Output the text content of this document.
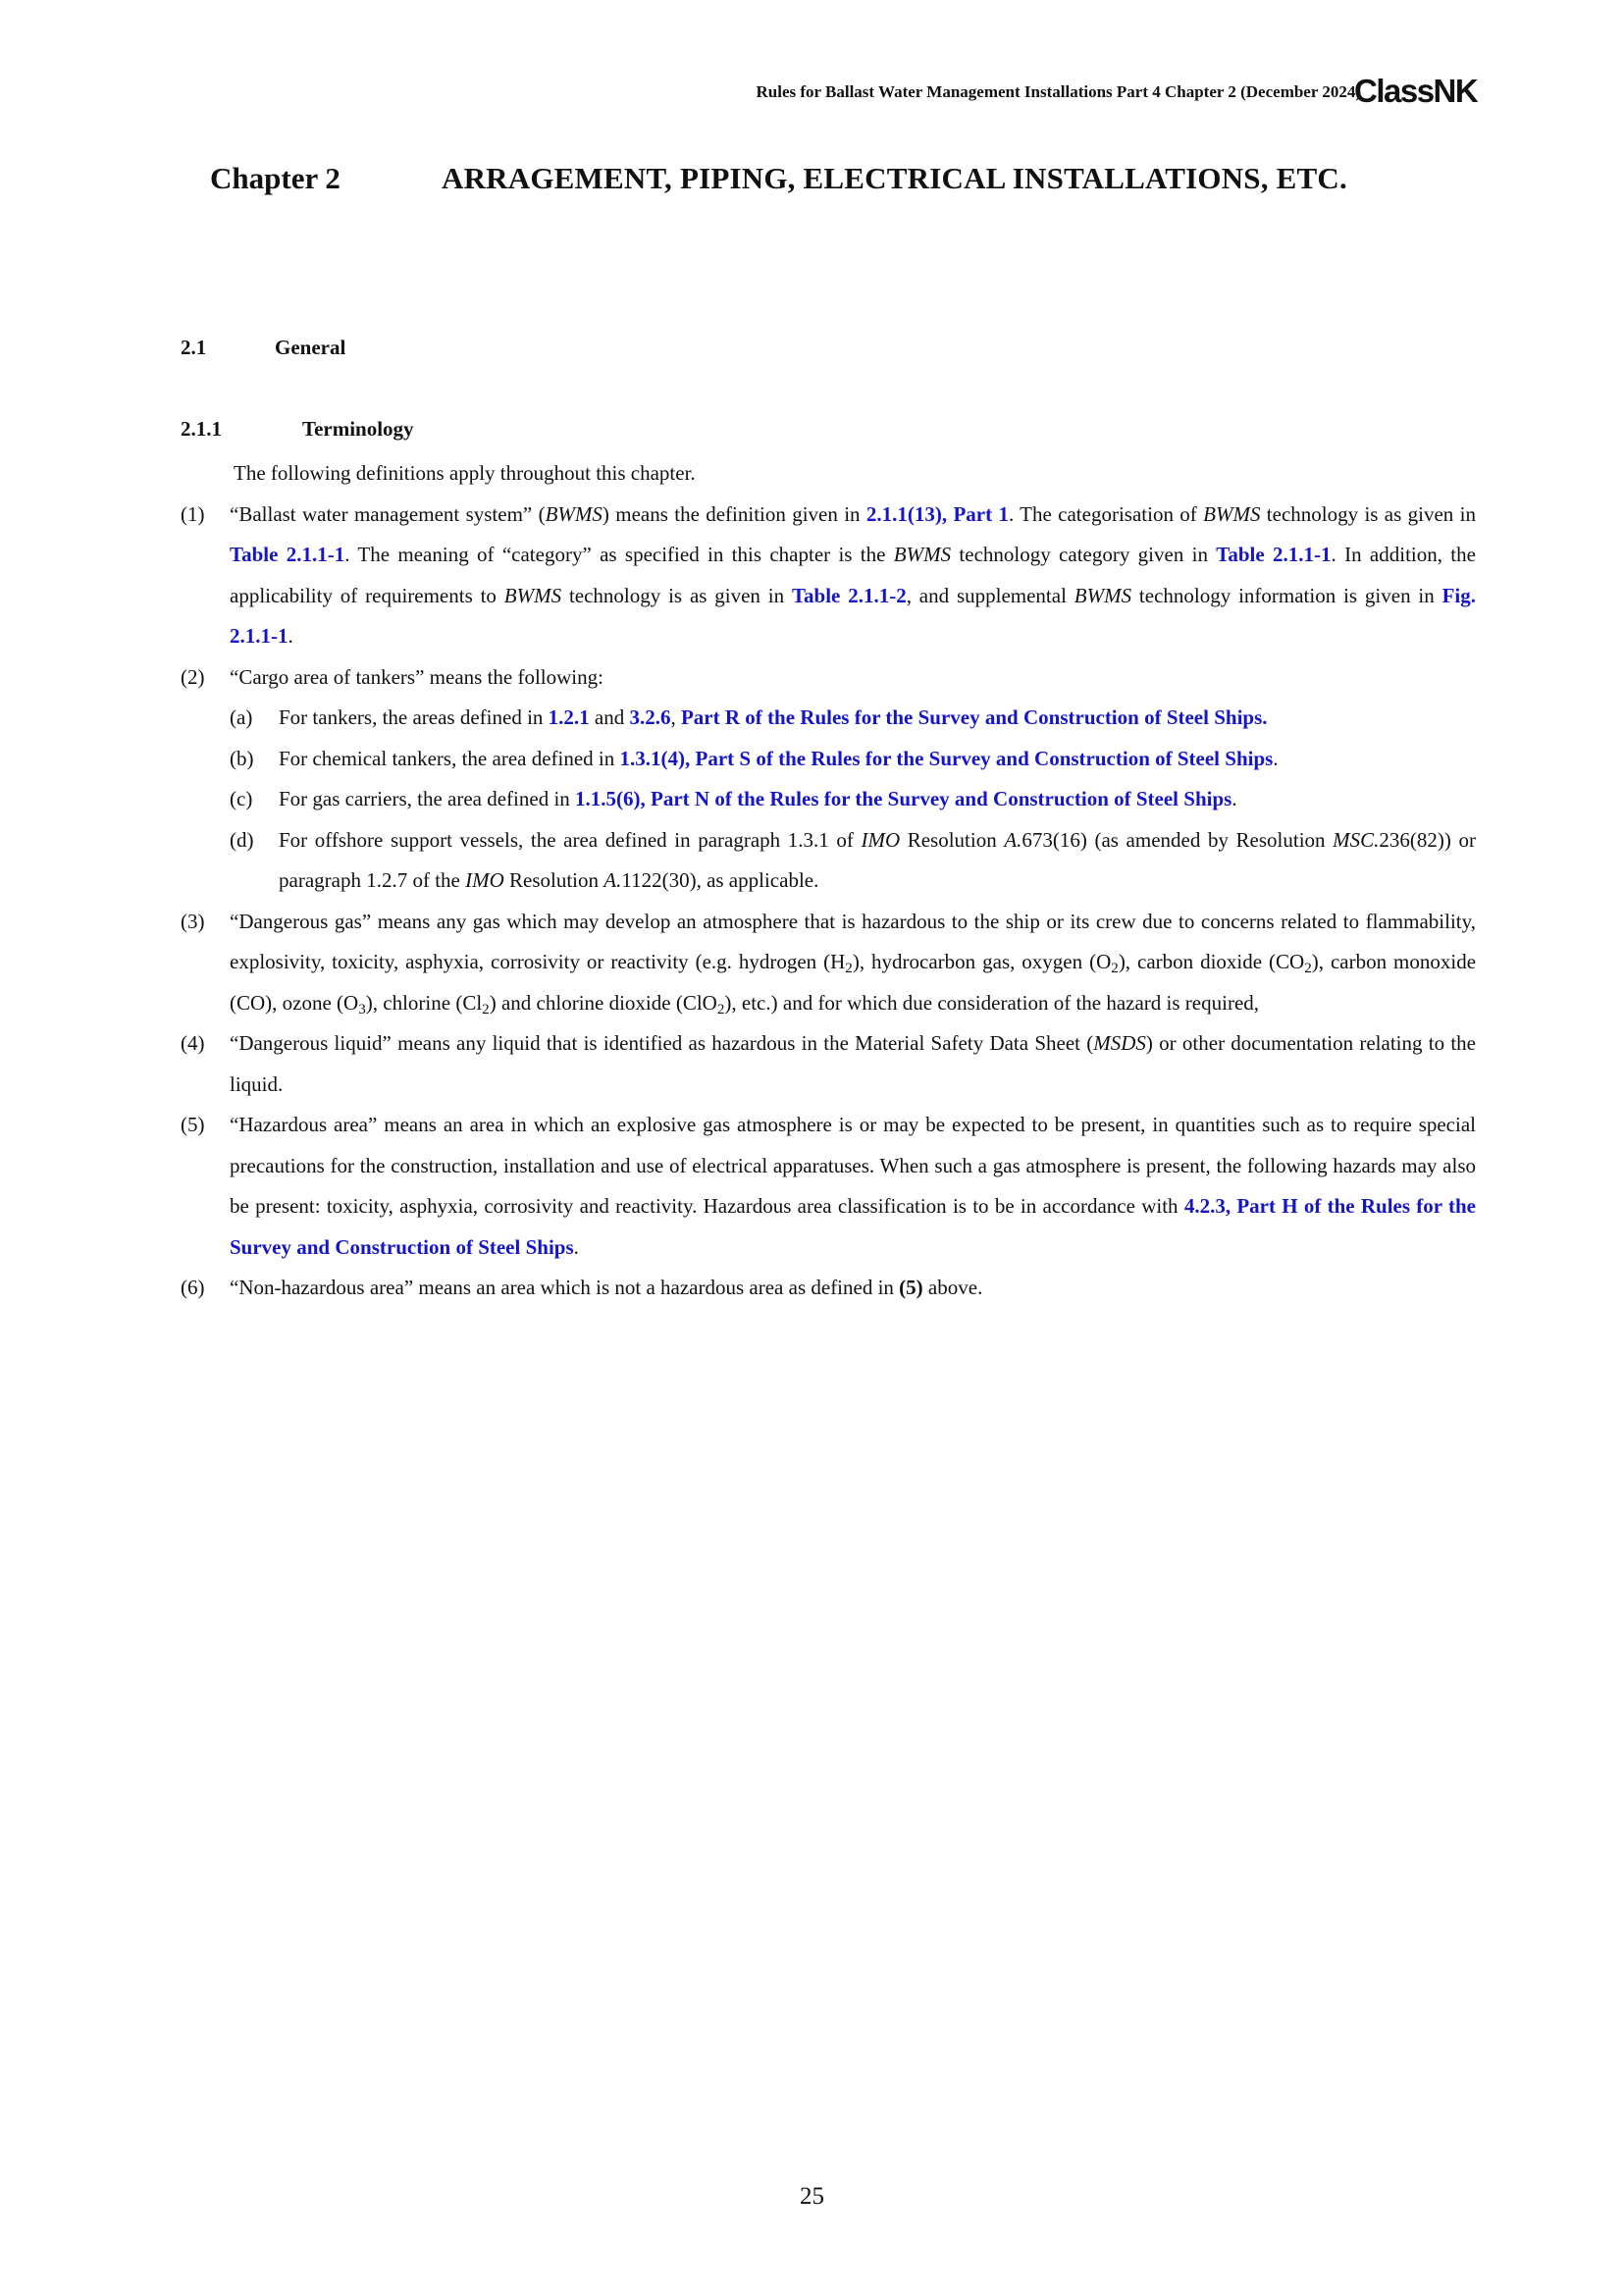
Rules for Ballast Water Management Installations Part 4 Chapter 2 (December 2024)
ClassNK
Chapter 2	ARRAGEMENT, PIPING, ELECTRICAL INSTALLATIONS, ETC.
2.1	General
2.1.1	Terminology
The following definitions apply throughout this chapter.
(1)	“Ballast water management system” (BWMS) means the definition given in 2.1.1(13), Part 1. The categorisation of BWMS technology is as given in Table 2.1.1-1. The meaning of “category” as specified in this chapter is the BWMS technology category given in Table 2.1.1-1. In addition, the applicability of requirements to BWMS technology is as given in Table 2.1.1-2, and supplemental BWMS technology information is given in Fig. 2.1.1-1.
(2)	“Cargo area of tankers” means the following:
(a)	For tankers, the areas defined in 1.2.1 and 3.2.6, Part R of the Rules for the Survey and Construction of Steel Ships.
(b)	For chemical tankers, the area defined in 1.3.1(4), Part S of the Rules for the Survey and Construction of Steel Ships.
(c)	For gas carriers, the area defined in 1.1.5(6), Part N of the Rules for the Survey and Construction of Steel Ships.
(d)	For offshore support vessels, the area defined in paragraph 1.3.1 of IMO Resolution A.673(16) (as amended by Resolution MSC.236(82)) or paragraph 1.2.7 of the IMO Resolution A.1122(30), as applicable.
(3)	“Dangerous gas” means any gas which may develop an atmosphere that is hazardous to the ship or its crew due to concerns related to flammability, explosivity, toxicity, asphyxia, corrosivity or reactivity (e.g. hydrogen $(H_2)$, hydrocarbon gas, oxygen $(O_2)$, carbon dioxide $(CO_2)$, carbon monoxide (CO), ozone $(O_3)$, chlorine $(Cl_2)$ and chlorine dioxide (ClO$_2$), etc.) and for which due consideration of the hazard is required,
(4)	“Dangerous liquid” means any liquid that is identified as hazardous in the Material Safety Data Sheet (MSDS) or other documentation relating to the liquid.
(5)	“Hazardous area” means an area in which an explosive gas atmosphere is or may be expected to be present, in quantities such as to require special precautions for the construction, installation and use of electrical apparatuses. When such a gas atmosphere is present, the following hazards may also be present: toxicity, asphyxia, corrosivity and reactivity. Hazardous area classification is to be in accordance with 4.2.3, Part H of the Rules for the Survey and Construction of Steel Ships.
(6)	“Non-hazardous area” means an area which is not a hazardous area as defined in (5) above.
25
